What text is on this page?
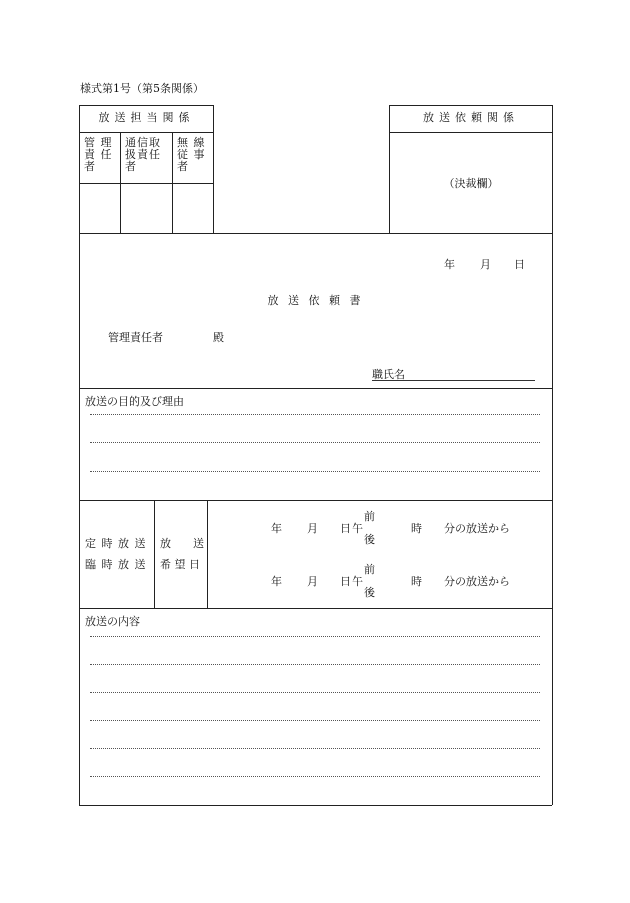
様式第1号（第5条関係）
放送担当関係
管 理
責 任
者
通信取
扱責任
者
無 線
従 事
者
放送依頼関係
（決裁欄）
年 月 日
放 送 依 頼 書
管理責任者	殿
職氏名
放送の目的及び理由
定 時 放 送
臨 時 放 送
放　　送
希 望 日
年 月 日 午
前
後
時 分の放送から
年 月 日 午
前
後
時 分の放送から
放送の内容
